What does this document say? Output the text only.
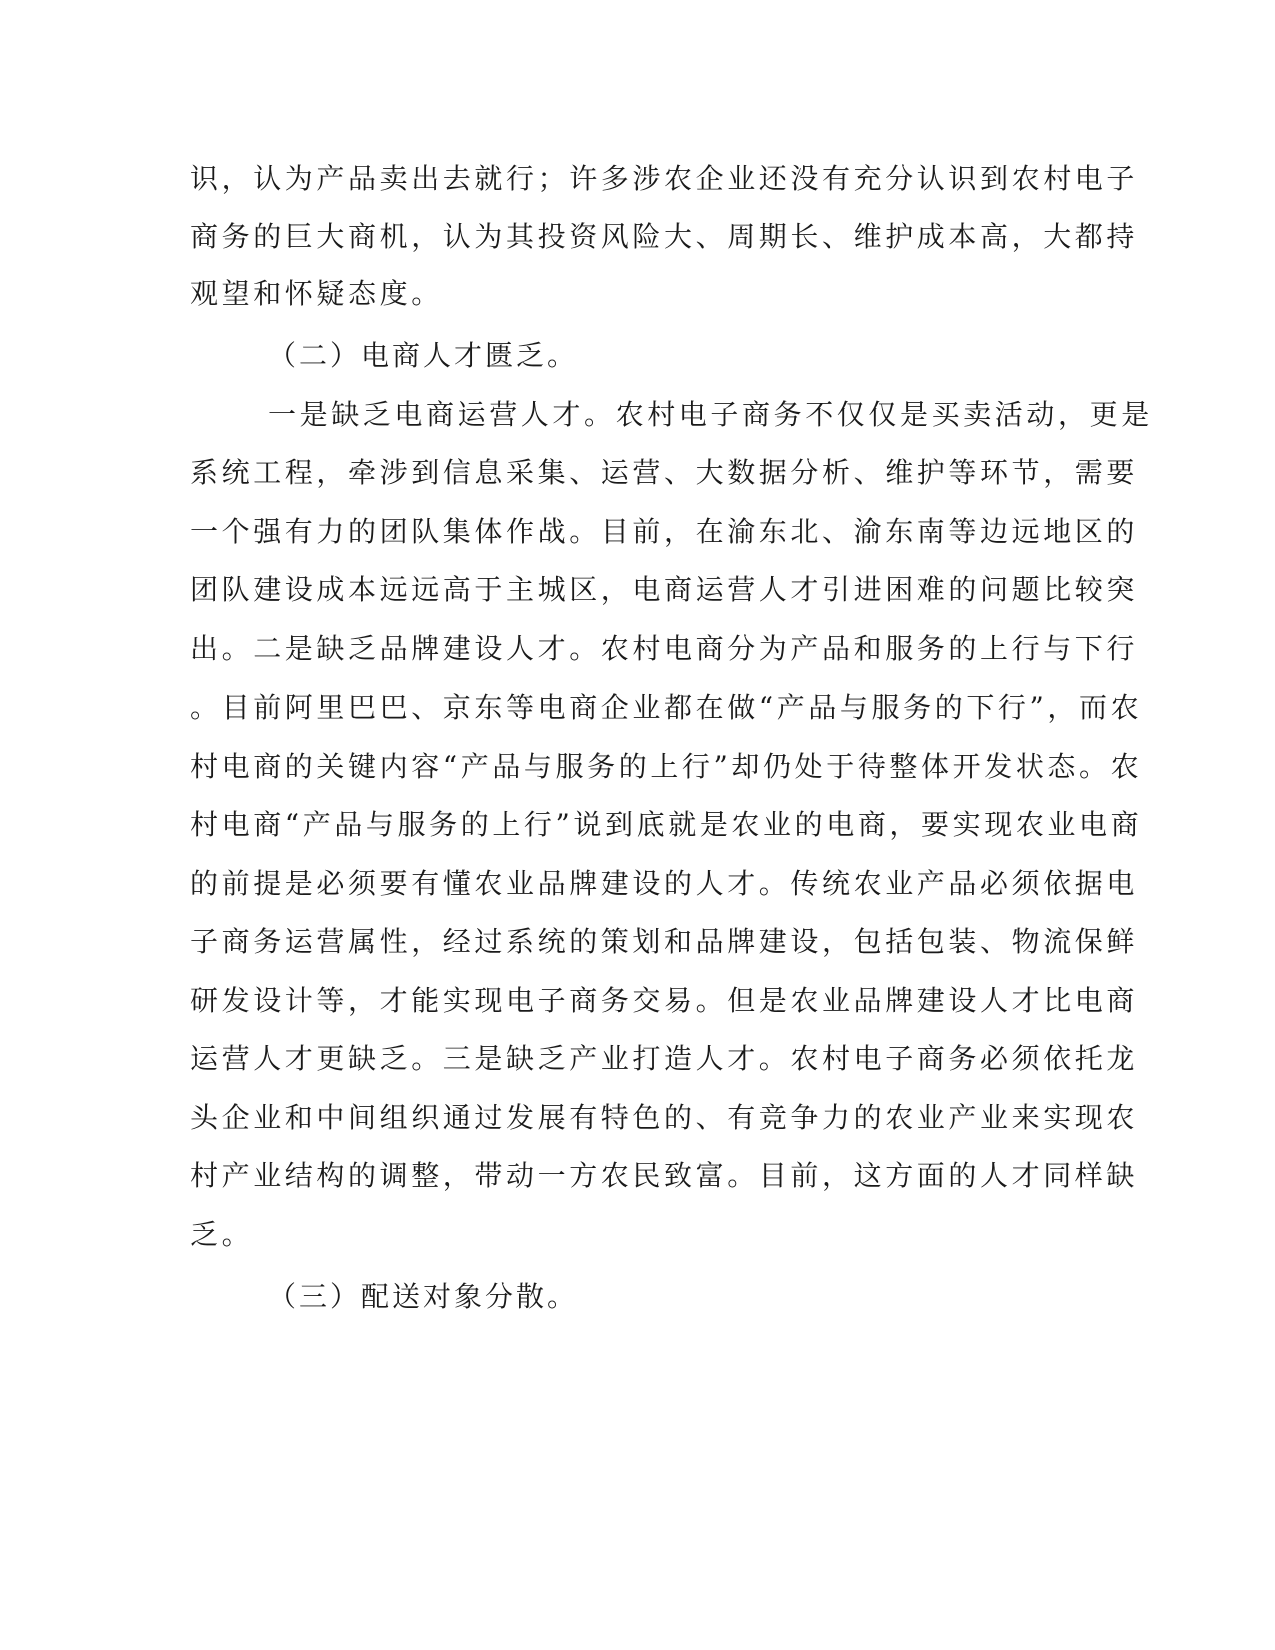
识，认为产品卖出去就行；许多涉农企业还没有充分认识到农村电子
商务的巨大商机，认为其投资风险大、周期长、维护成本高，大都持
观望和怀疑态度。
（二）电商人才匮乏。
一是缺乏电商运营人才。农村电子商务不仅仅是买卖活动，更是
系统工程，牵涉到信息采集、运营、大数据分析、维护等环节，需要
一个强有力的团队集体作战。目前，在渝东北、渝东南等边远地区的
团队建设成本远远高于主城区，电商运营人才引进困难的问题比较突
出。二是缺乏品牌建设人才。农村电商分为产品和服务的上行与下行
。目前阿里巴巴、京东等电商企业都在做“产品与服务的下行”，而农
村电商的关键内容“产品与服务的上行”却仍处于待整体开发状态。农
村电商“产品与服务的上行”说到底就是农业的电商，要实现农业电商
的前提是必须要有懂农业品牌建设的人才。传统农业产品必须依据电
子商务运营属性，经过系统的策划和品牌建设，包括包装、物流保鲜
研发设计等，才能实现电子商务交易。但是农业品牌建设人才比电商
运营人才更缺乏。三是缺乏产业打造人才。农村电子商务必须依托龙
头企业和中间组织通过发展有特色的、有竞争力的农业产业来实现农
村产业结构的调整，带动一方农民致富。目前，这方面的人才同样缺
乏。
（三）配送对象分散。
